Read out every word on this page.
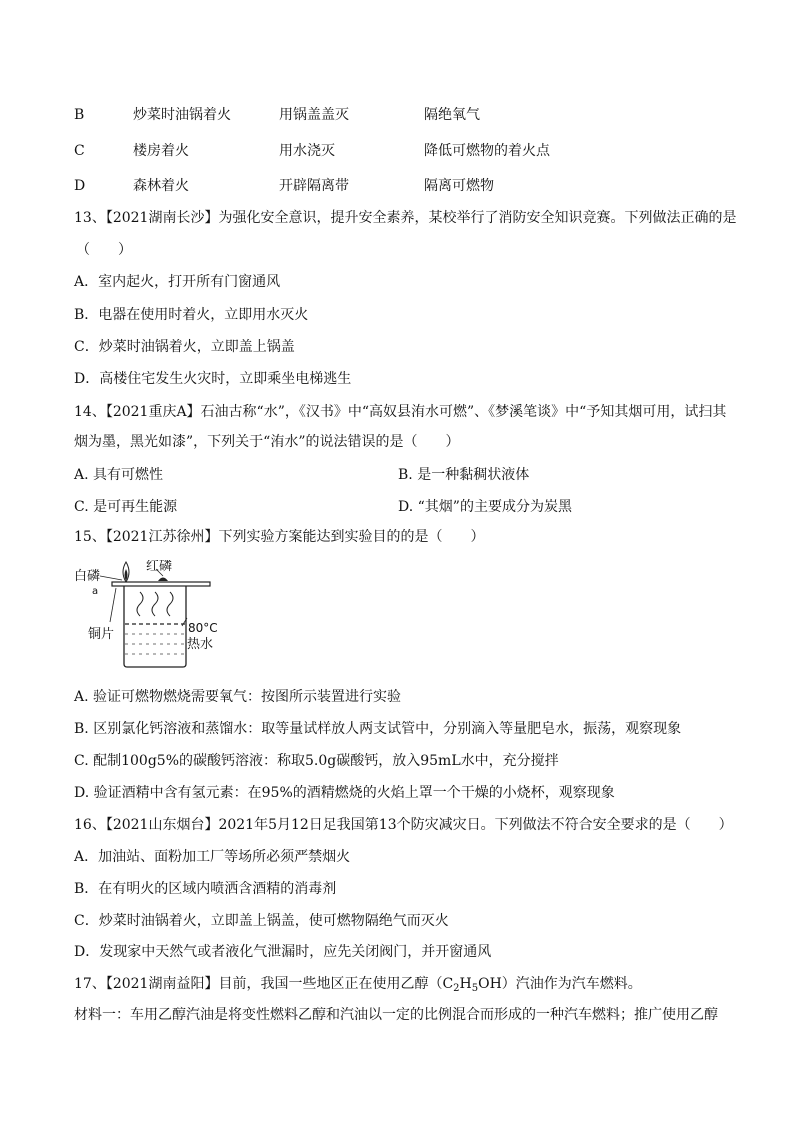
B	炒菜时油锅着火	用锅盖盖灭	隔绝氧气
C	楼房着火	用水浇灭	降低可燃物的着火点
D	森林着火	开辟隔离带	隔离可燃物
13、【2021湖南长沙】为强化安全意识，提升安全素养，某校举行了消防安全知识竞赛。下列做法正确的是
（　　）
A．室内起火，打开所有门窗通风
B．电器在使用时着火，立即用水灭火
C．炒菜时油锅着火，立即盖上锅盖
D．高楼住宅发生火灾时，立即乘坐电梯逃生
14、【2021重庆A】石油古称“水”，《汉书》中“高奴县洧水可燃”、《梦溪笔谈》中“予知其烟可用，试扫其
烟为墨，黑光如漆”，下列关于“洧水”的说法错误的是（　　）
A. 具有可燃性	B. 是一种黏稠状液体
C. 是可再生能源	D. “其烟”的主要成分为炭黑
15、【2021江苏徐州】下列实验方案能达到实验目的的是（　　）
红磷
白磷
a
铜片	80°C
热水
A. 验证可燃物燃烧需要氧气：按图所示装置进行实验
B. 区别氯化钙溶液和蒸馏水：取等量试样放人两支试管中，分别滴入等量肥皂水，振荡，观察现象
C. 配制100g5%的碳酸钙溶液：称取5.0g碳酸钙，放入95mL水中，充分搅拌
D. 验证酒精中含有氢元素：在95%的酒精燃烧的火焰上罩一个干燥的小烧杯，观察现象
16、【2021山东烟台】2021年5月12日足我国第13个防灾减灾日。下列做法不符合安全要求的是（　　）
A．加油站、面粉加工厂等场所必须严禁烟火
B．在有明火的区域内喷洒含酒精的消毒剂
C．炒菜时油锅着火，立即盖上锅盖，使可燃物隔绝气而灭火
D．发现家中天然气或者液化气泄漏时，应先关闭阀门，并开窗通风
17、【2021湖南益阳】目前，我国一些地区正在使用乙醇$(C_2H_5OH)$汽油作为汽车燃料。
材料一：车用乙醇汽油是将变性燃料乙醇和汽油以一定的比例混合而形成的一种汽车燃料；推广使用乙醇
